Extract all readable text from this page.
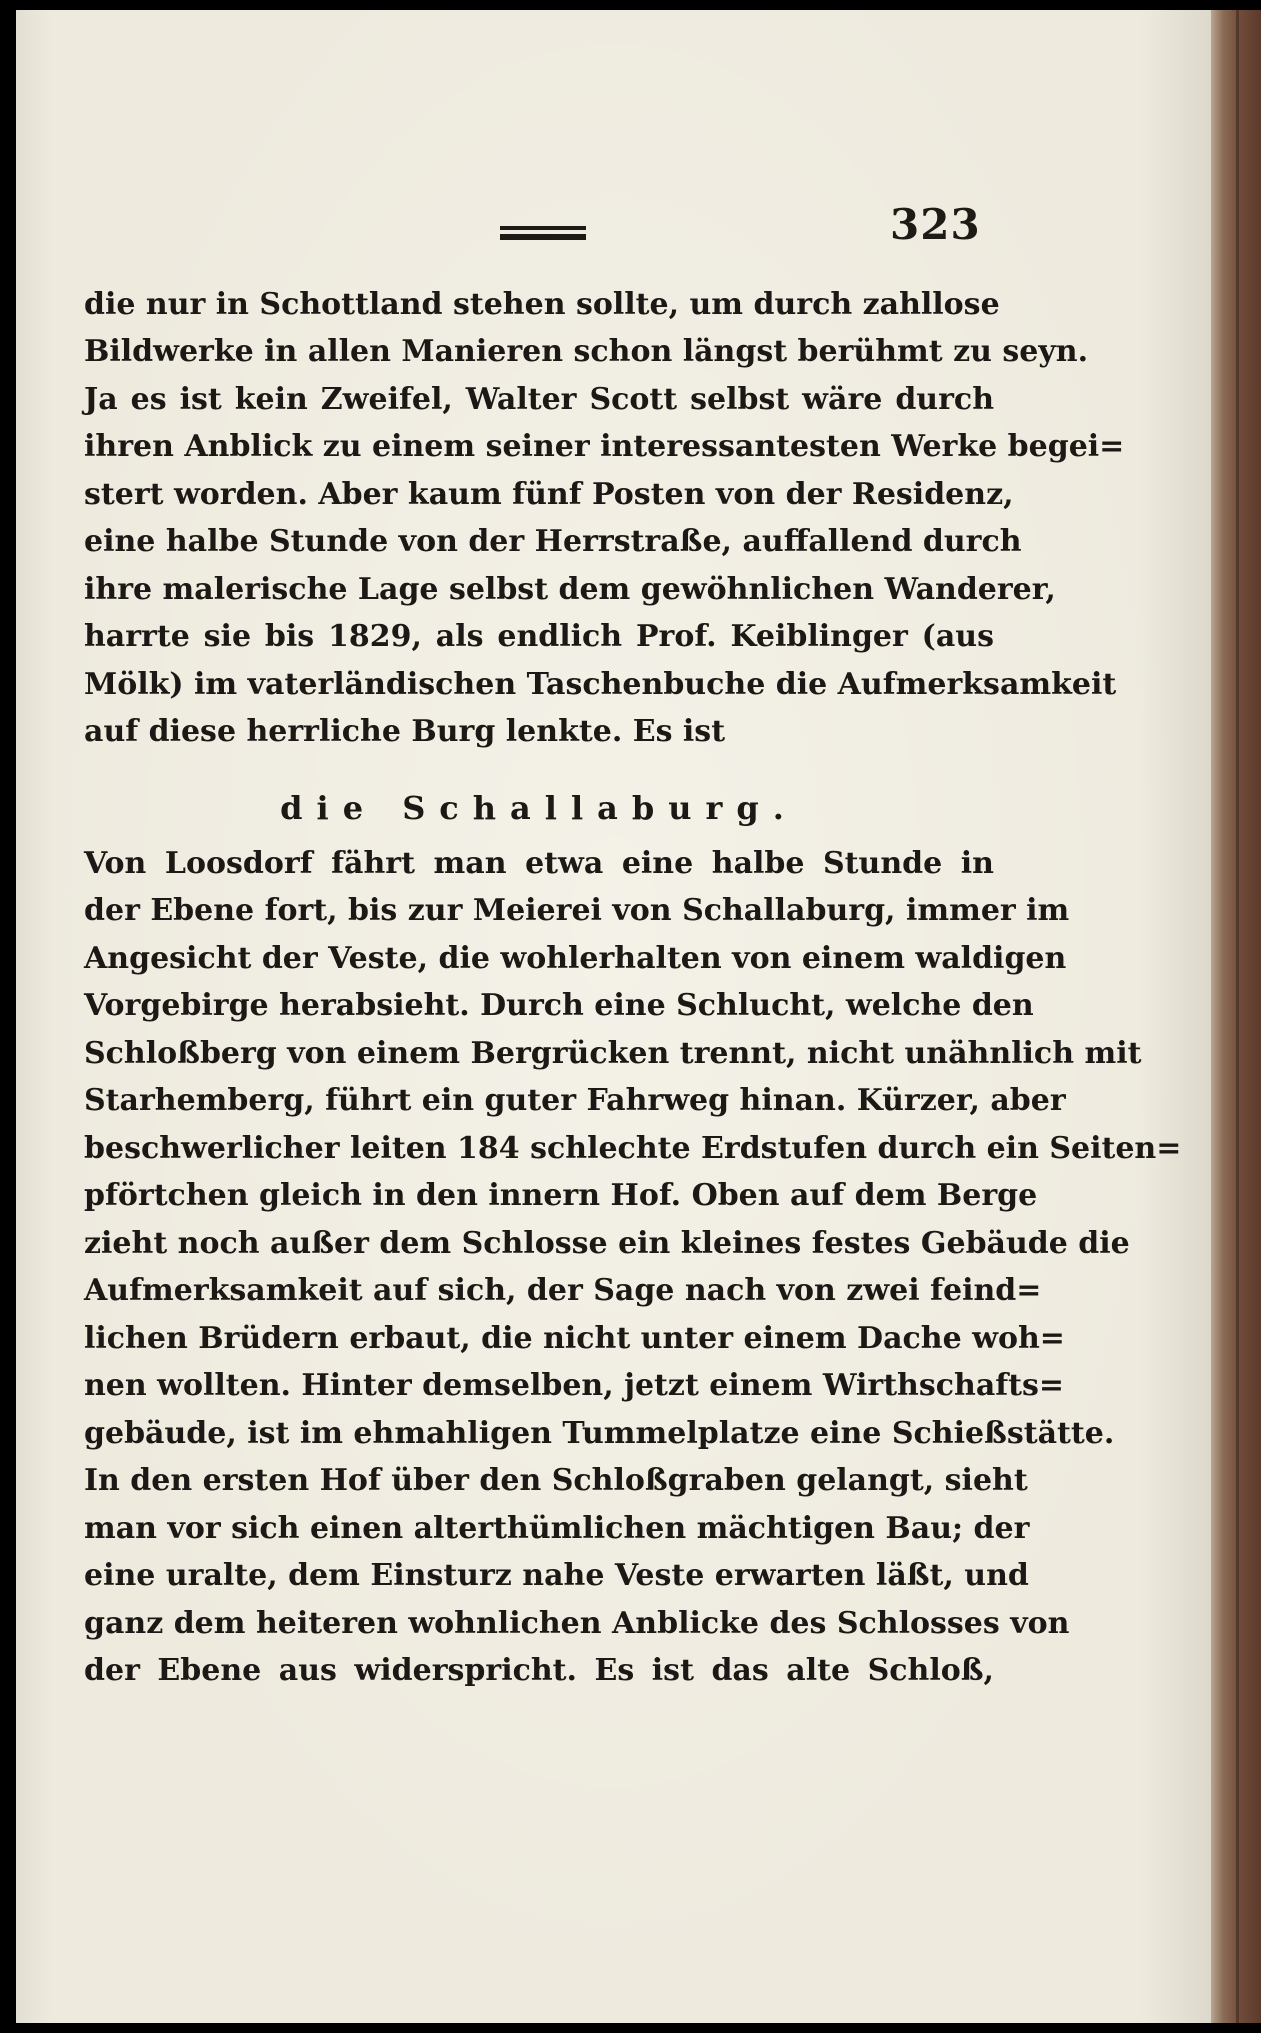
323
die nur in Schottland stehen sollte, um durch zahllose
Bildwerke in allen Manieren schon längst berühmt zu seyn.
Ja es ist kein Zweifel, Walter Scott selbst wäre durch
ihren Anblick zu einem seiner interessantesten Werke begei=
stert worden. Aber kaum fünf Posten von der Residenz,
eine halbe Stunde von der Herrstraße, auffallend durch
ihre malerische Lage selbst dem gewöhnlichen Wanderer,
harrte sie bis 1829, als endlich Prof. Keiblinger (aus
Mölk) im vaterländischen Taschenbuche die Aufmerksamkeit
auf diese herrliche Burg lenkte. Es ist
die Schallaburg.
Von Loosdorf fährt man etwa eine halbe Stunde in
der Ebene fort, bis zur Meierei von Schallaburg, immer im
Angesicht der Veste, die wohlerhalten von einem waldigen
Vorgebirge herabsieht. Durch eine Schlucht, welche den
Schloßberg von einem Bergrücken trennt, nicht unähnlich mit
Starhemberg, führt ein guter Fahrweg hinan. Kürzer, aber
beschwerlicher leiten 184 schlechte Erdstufen durch ein Seiten=
pförtchen gleich in den innern Hof. Oben auf dem Berge
zieht noch außer dem Schlosse ein kleines festes Gebäude die
Aufmerksamkeit auf sich, der Sage nach von zwei feind=
lichen Brüdern erbaut, die nicht unter einem Dache woh=
nen wollten. Hinter demselben, jetzt einem Wirthschafts=
gebäude, ist im ehmahligen Tummelplatze eine Schießstätte.
In den ersten Hof über den Schloßgraben gelangt, sieht
man vor sich einen alterthümlichen mächtigen Bau; der
eine uralte, dem Einsturz nahe Veste erwarten läßt, und
ganz dem heiteren wohnlichen Anblicke des Schlosses von
der Ebene aus widerspricht. Es ist das alte Schloß,
